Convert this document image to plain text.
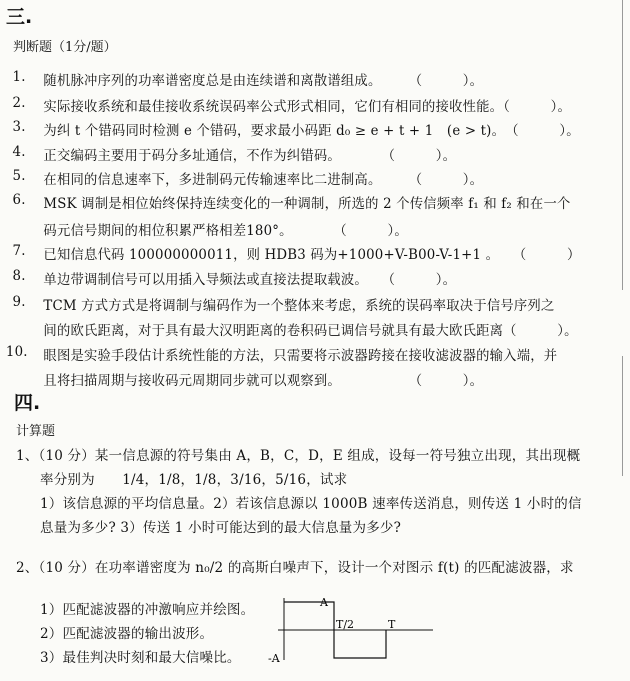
三.
判断题（1分/题）
1. 随机脉冲序列的功率谱密度总是由连续谱和离散谱组成。　　　（　　　）。
2. 实际接收系统和最佳接收系统误码率公式形式相同，它们有相同的接收性能。（　　　）。
3. 为纠 t 个错码同时检测 e 个错码，要求最小码距 d₀ ≥ e + t + 1　(e > t)。　（　　　）。
4. 正交编码主要用于码分多址通信，不作为纠错码。　　　　（　　　）。
5. 在相同的信息速率下，多进制码元传输速率比二进制高。　　　（　　　）。
6. MSK 调制是相位始终保持连续变化的一种调制，所选的 2 个传信频率 f₁ 和 f₂ 和在一个
码元信号期间的相位积累严格相差180°。　　　　（　　　）。
7. 已知信息代码 100000000011，则 HDB3 码为+1000+V-B00-V-1+1 。　　（　　　）
8. 单边带调制信号可以用插入导频法或直接法提取载波。　　（　　　）。
9. TCM 方式方式是将调制与编码作为一个整体来考虑，系统的误码率取决于信号序列之
间的欧氏距离，对于具有最大汉明距离的卷积码已调信号就具有最大欧氏距离（　　　）。
10. 眼图是实验手段估计系统性能的方法，只需要将示波器跨接在接收滤波器的输入端，并
且将扫描周期与接收码元周期同步就可以观察到。　　　　　　（　　　）。
四.
计算题
1、（10 分）某一信息源的符号集由 A，B，C，D，E 组成，设每一符号独立出现，其出现概
率分别为　　1/4，1/8，1/8，3/16，5/16，试求
1）该信息源的平均信息量。2）若该信息源以 1000B 速率传送消息，则传送 1 小时的信
息量为多少? 3）传送 1 小时可能达到的最大信息量为多少?
2、（10 分）在功率谱密度为 n₀/2 的高斯白噪声下，设计一个对图示 f(t) 的匹配滤波器，求
1）匹配滤波器的冲激响应并绘图。
2）匹配滤波器的输出波形。
3）最佳判决时刻和最大信噪比。
A
-A
T/2	T
